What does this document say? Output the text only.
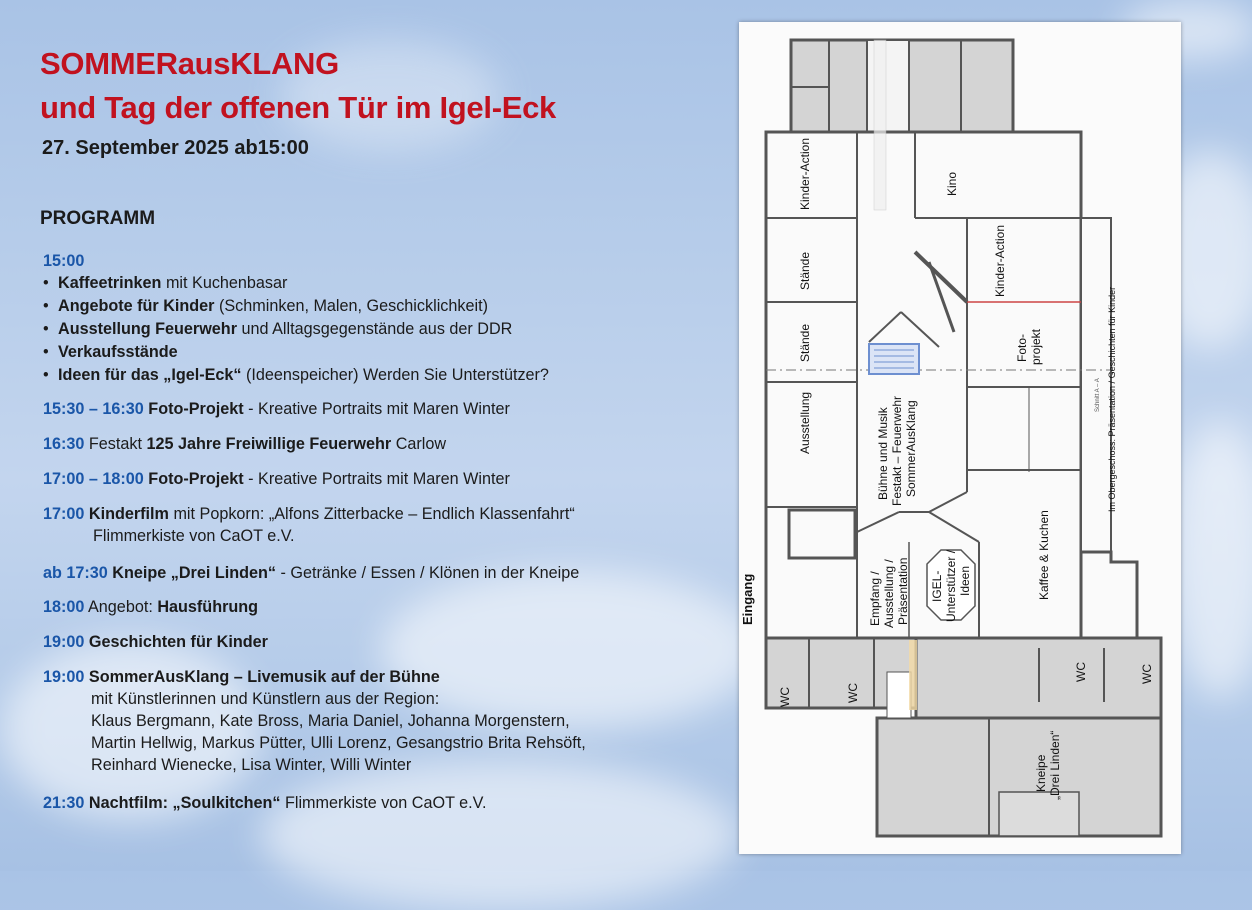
SOMMERausKLANG
und Tag der offenen Tür im Igel-Eck
27. September 2025 ab15:00
PROGRAMM
15:00
• Kaffeetrinken mit Kuchenbasar
• Angebote für Kinder (Schminken, Malen, Geschicklichkeit)
• Ausstellung Feuerwehr und Alltagsgegenstände aus der DDR
• Verkaufsstände
• Ideen für das „Igel-Eck“ (Ideenspeicher) Werden Sie Unterstützer?
15:30 – 16:30 Foto-Projekt - Kreative Portraits mit Maren Winter
16:30 Festakt 125 Jahre Freiwillige Feuerwehr Carlow
17:00 – 18:00 Foto-Projekt - Kreative Portraits mit Maren Winter
17:00 Kinderfilm mit Popkorn: „Alfons Zitterbacke – Endlich Klassenfahrt“
Flimmerkiste von CaOT e.V.
ab 17:30 Kneipe „Drei Linden“ - Getränke / Essen / Klönen in der Kneipe
18:00 Angebot: Hausführung
19:00 Geschichten für Kinder
19:00 SommerAusKlang – Livemusik auf der Bühne
mit Künstlerinnen und Künstlern aus der Region:
Klaus Bergmann, Kate Bross, Maria Daniel, Johanna Morgenstern,
Martin Hellwig, Markus Pütter, Ulli Lorenz, Gesangstrio Brita Rehsöft,
Reinhard Wienecke, Lisa Winter, Willi Winter
21:30 Nachtfilm: „Soulkitchen“ Flimmerkiste von CaOT e.V.
Kinder-Action	Kino
Stände	Kinder-Action
Stände	Foto- projekt
Ausstellung	Bühne und Musik Festakt – Feuerwehr SommerAusKlang
Kaffee & Kuchen
Eingang	Empfang / Ausstellung / Präsentation IGEL- Unterstützer / Ideen
WC	WC
WC	WC
Kneipe „Drei Linden“
Im Obergeschoss: Präsentation / Geschichten für Kinder
Schnitt A – A
